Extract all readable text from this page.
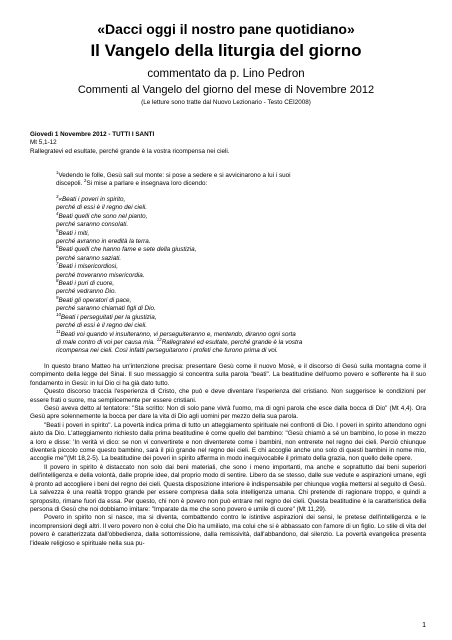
«Dacci oggi il nostro pane quotidiano»
Il Vangelo della liturgia del giorno
commentato da p. Lino Pedron
Commenti al Vangelo del giorno del mese di Novembre 2012
(Le letture sono tratte dal Nuovo Lezionario - Testo CEI2008)
Giovedì 1 Novembre 2012 - TUTTI I SANTI
Mt 5,1-12
Rallegratevi ed esultate, perché grande è la vostra ricompensa nei cieli.
$^1$Vedendo le folle, Gesù salì sul monte: si pose a sedere e si avvicinarono a lui i suoi
discepoli. $^2$Si mise a parlare e insegnava loro dicendo:
$^3$«Beati i poveri in spirito,
perché di essi è il regno dei cieli.
$^4$Beati quelli che sono nel pianto,
perché saranno consolati.
$^5$Beati i miti,
perché avranno in eredità la terra.
$^6$Beati quelli che hanno fame e sete della giustizia,
perché saranno saziati.
$^7$Beati i misericordiosi,
perché troveranno misericordia.
$^8$Beati i puri di cuore,
perché vedranno Dio.
$^9$Beati gli operatori di pace,
perché saranno chiamati figli di Dio.
$^{10}$Beati i perseguitati per la giustizia,
perché di essi è il regno dei cieli.
$^{11}$Beati voi quando vi insulteranno, vi perseguiteranno e, mentendo, diranno ogni sorta
di male contro di voi per causa mia. $^{12}$Rallegratevi ed esultate, perché grande è la vostra
ricompensa nei cieli. Così infatti perseguitarono i profeti che furono prima di voi.

In questo brano Matteo ha un'intenzione precisa: presentare Gesù come il nuovo Mosè, e il discorso di Gesù sulla montagna come il compimento della legge del Sinai. Il suo messaggio si concentra sulla parola "beati". La beatitudine dell'uomo povero e sofferente ha il suo fondamento in Gesù: in lui Dio ci ha già dato tutto.

Questo discorso traccia l'esperienza di Cristo, che può e deve diventare l'esperienza del cristiano. Non suggerisce le condizioni per essere frati o suore, ma semplicemente per essere cristiani.

Gesù aveva detto al tentatore: "Sta scritto: Non di solo pane vivrà l'uomo, ma di ogni parola che esce dalla bocca di Dio" (Mt 4,4). Ora Gesù apre solennemente la bocca per dare la vita di Dio agli uomini per mezzo della sua parola.

"Beati i poveri in spirito". La povertà indica prima di tutto un atteggiamento spirituale nei confronti di Dio. I poveri in spirito attendono ogni aiuto da Dio. L'atteggiamento richiesto dalla prima beatitudine è come quello del bambino: "Gesù chiamò a sé un bambino, lo pose in mezzo a loro e disse: 'In verità vi dico: se non vi convertirete e non diventerete come i bambini, non entrerete nel regno dei cieli. Perciò chiunque diventerà piccolo come questo bambino, sarà il più grande nel regno dei cieli. E chi accoglie anche uno solo di questi bambini in nome mio, accoglie me'"(Mt 18,2-5). La beatitudine dei poveri in spirito afferma in modo inequivocabile il primato della grazia, non quello delle opere.

Il povero in spirito è distaccato non solo dai beni materiali, che sono i meno importanti, ma anche e soprattutto dai beni superiori dell'intelligenza e della volontà, dalle proprie idee, dal proprio modo di sentire. Libero da se stesso, dalle sue vedute e aspirazioni umane, egli è pronto ad accogliere i beni del regno dei cieli. Questa disposizione interiore è indispensabile per chiunque voglia mettersi al seguito di Gesù. La salvezza è una realtà troppo grande per essere compresa dalla sola intelligenza umana. Chi pretende di ragionare troppo, e quindi a sproposito, rimane fuori da essa. Per questo, chi non è povero non può entrare nel regno dei cieli. Questa beatitudine è la caratteristica della persona di Gesù che noi dobbiamo imitare: "Imparate da me che sono povero e umile di cuore" (Mt 11,29).

Povero in spirito non si nasce, ma si diventa, combattendo contro le istintive aspirazioni dei sensi, le pretese dell'intelligenza e le incomprensioni degli altri. Il vero povero non è colui che Dio ha umiliato, ma colui che si è abbassato con l'amore di un figlio. Lo stile di vita del povero è caratterizzata dall'obbedienza, dalla sottomissione, dalla remissività, dall'abbandono, dal silenzio. La povertà evangelica presenta l'ideale religioso e spirituale nella sua pu-

1
